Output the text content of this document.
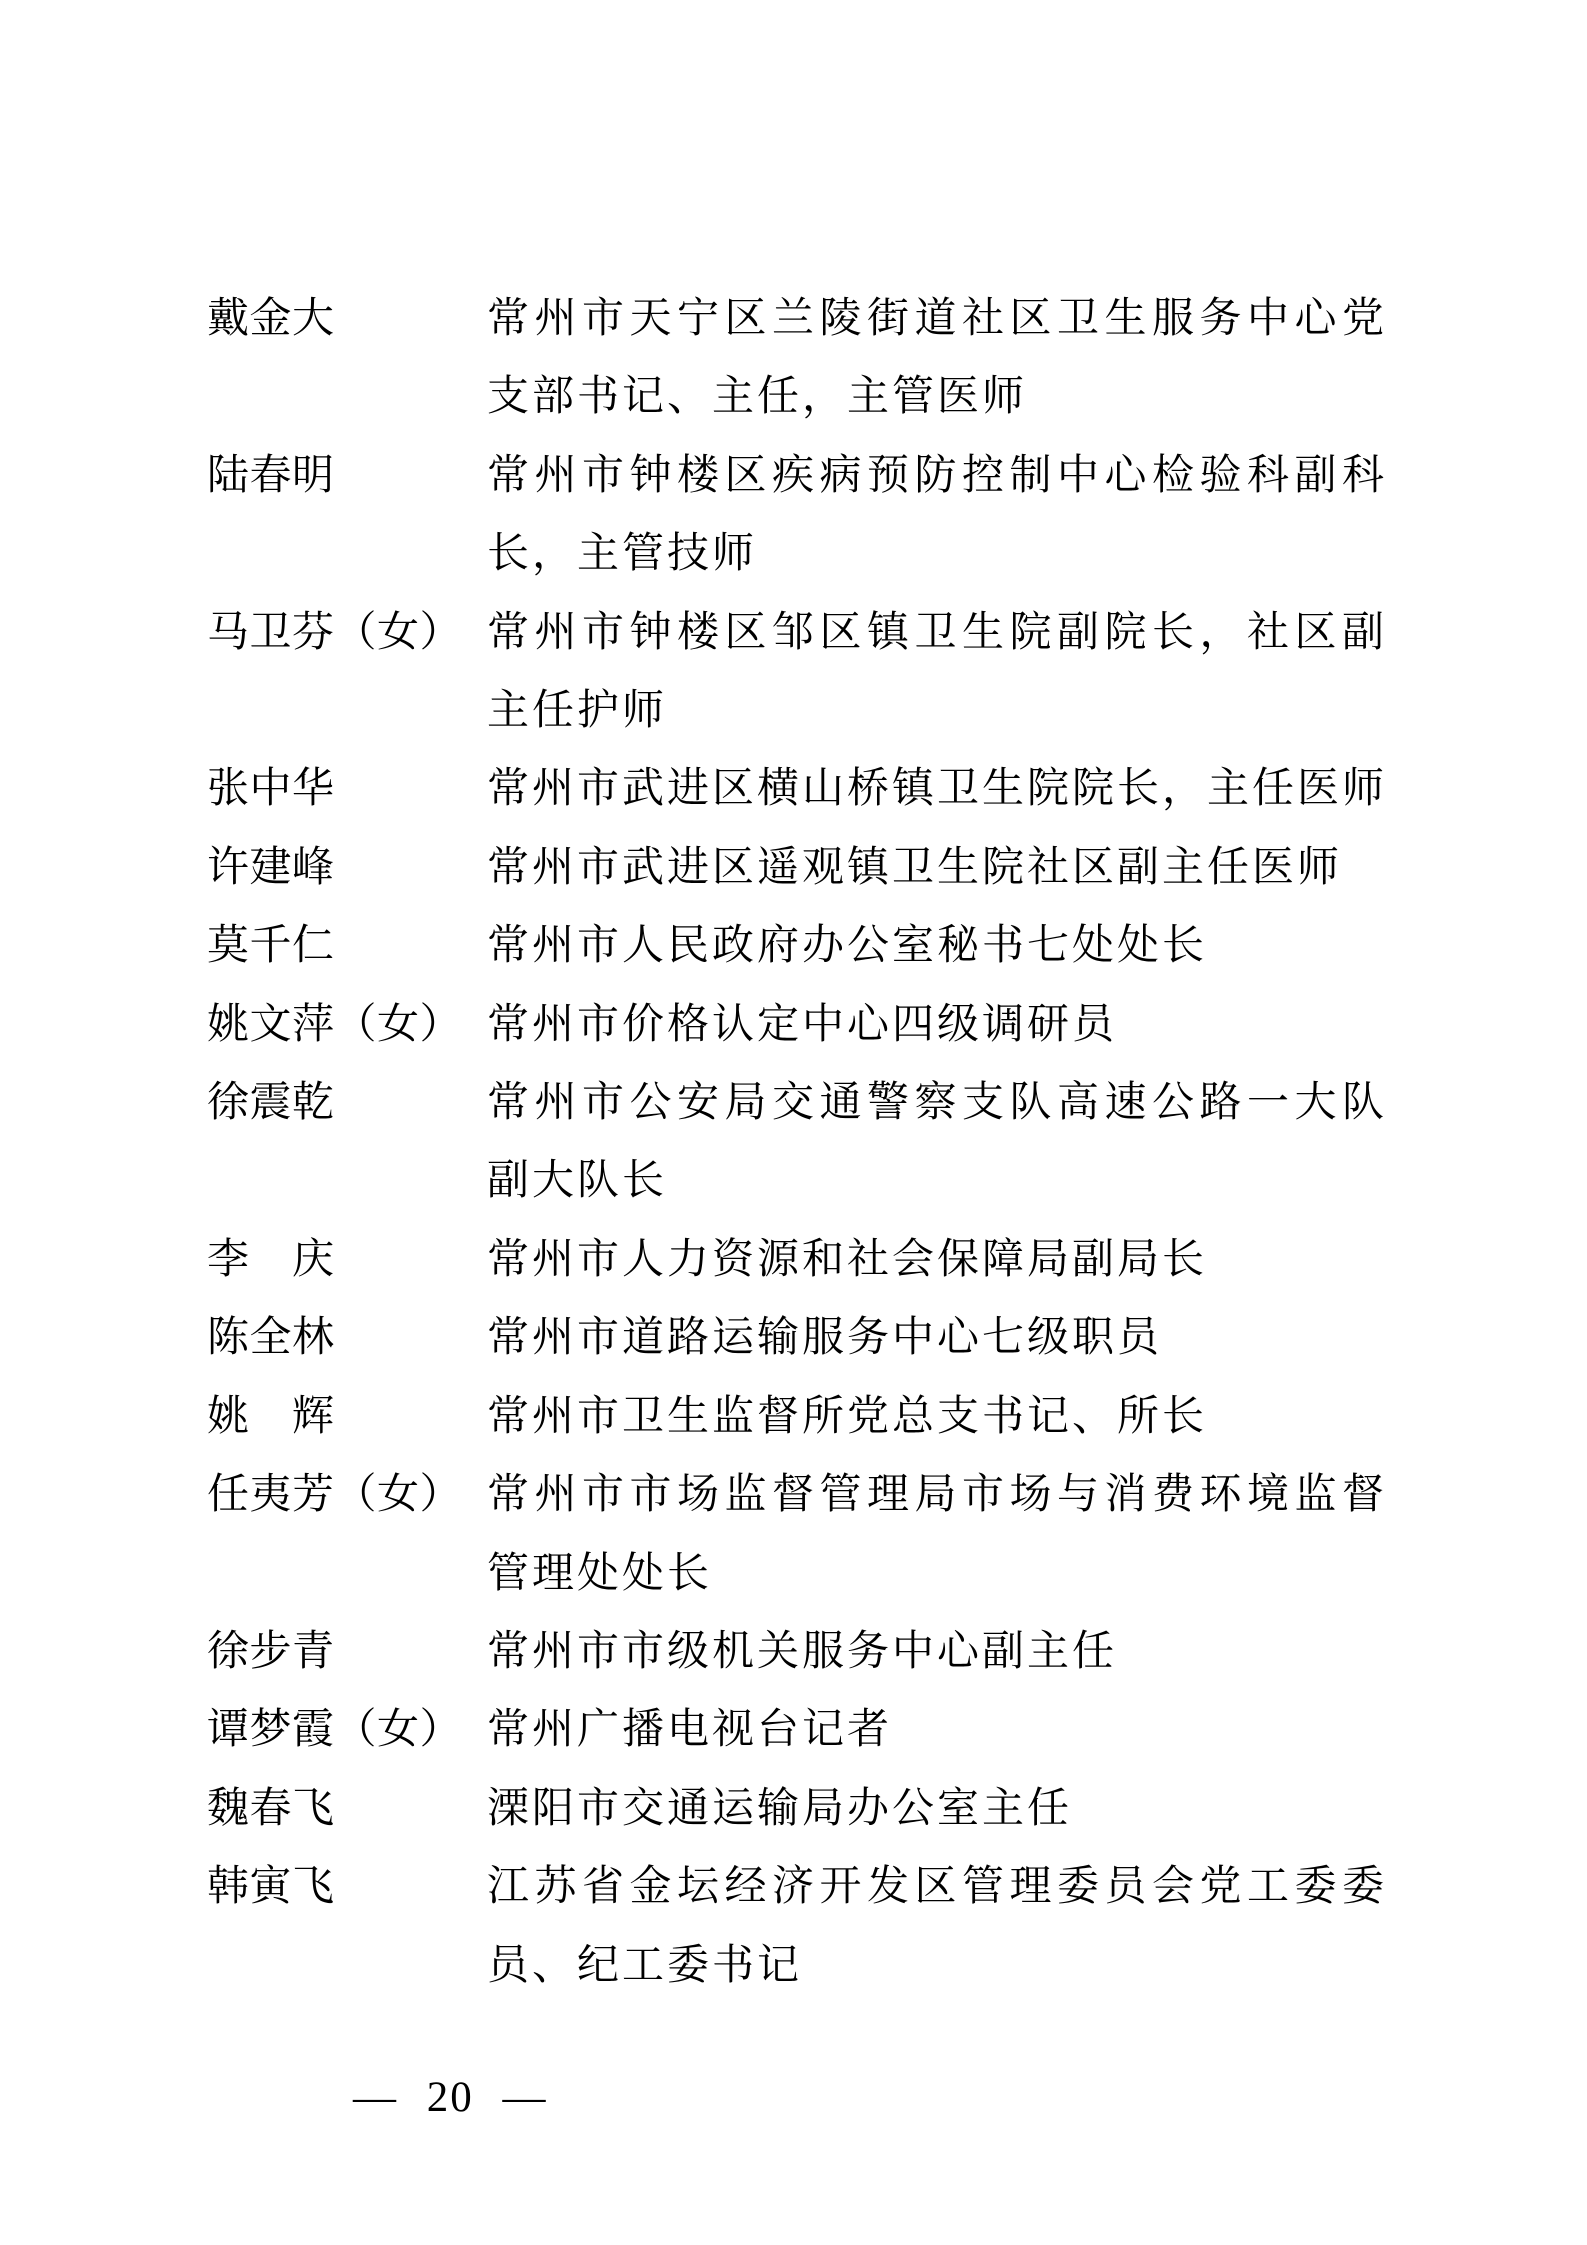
戴金大	常州市天宁区兰陵街道社区卫生服务中心党
支部书记、主任，主管医师
陆春明	常州市钟楼区疾病预防控制中心检验科副科
长，主管技师
马卫芬（女） 常州市钟楼区邹区镇卫生院副院长，社区副
主任护师
张中华	常州市武进区横山桥镇卫生院院长，主任医师
许建峰	常州市武进区遥观镇卫生院社区副主任医师
莫千仁	常州市人民政府办公室秘书七处处长
姚文萍（女） 常州市价格认定中心四级调研员
徐震乾	常州市公安局交通警察支队高速公路一大队
副大队长
李　庆	常州市人力资源和社会保障局副局长
陈全林	常州市道路运输服务中心七级职员
姚　辉	常州市卫生监督所党总支书记、所长
任夷芳（女） 常州市市场监督管理局市场与消费环境监督
管理处处长
徐步青	常州市市级机关服务中心副主任
谭梦霞（女） 常州广播电视台记者
魏春飞	溧阳市交通运输局办公室主任
韩寅飞	江苏省金坛经济开发区管理委员会党工委委
员、纪工委书记

— 20 —
